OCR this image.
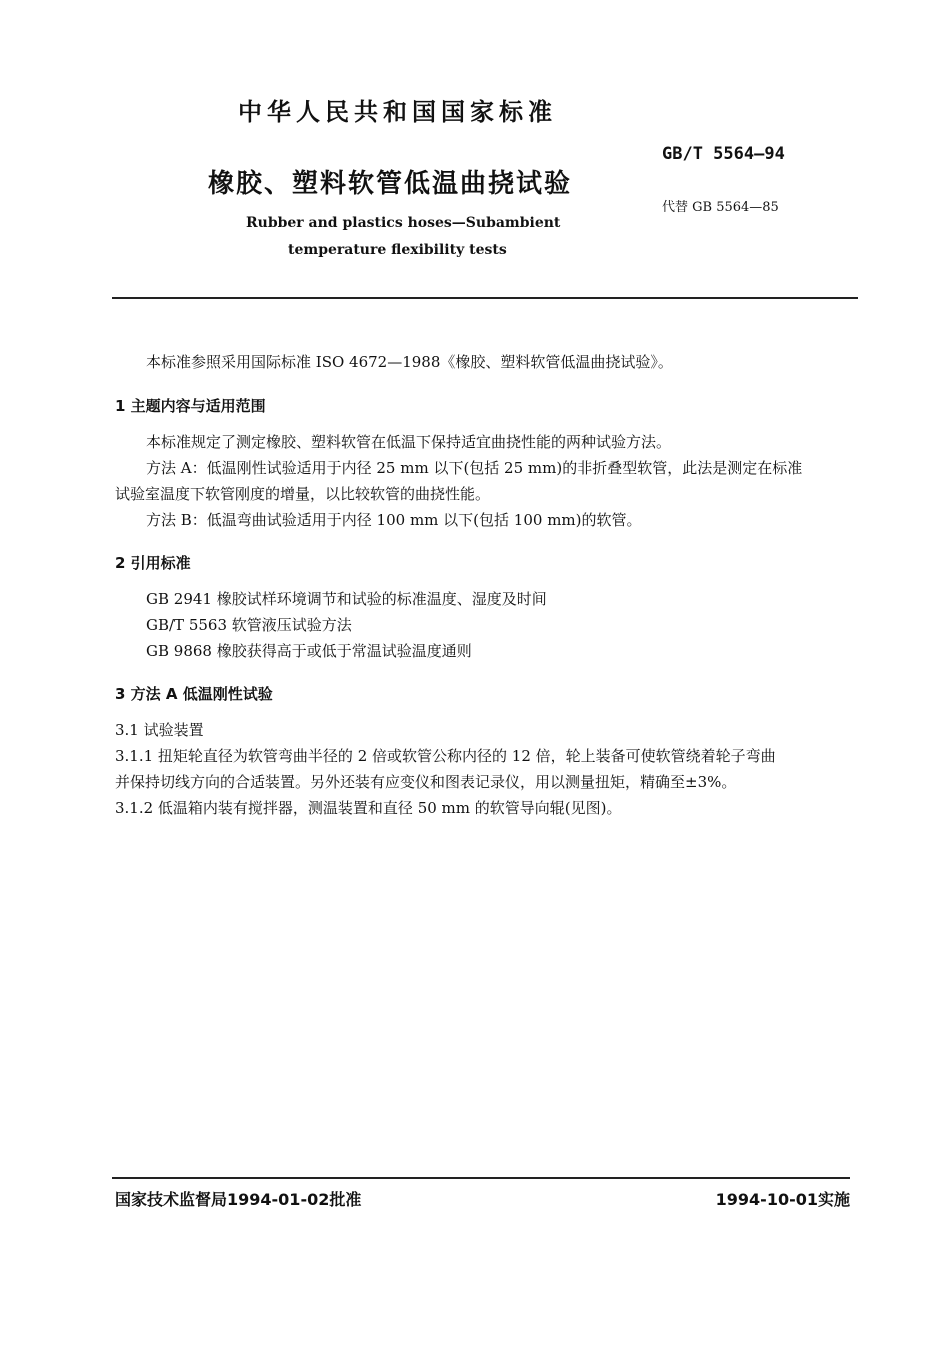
中华人民共和国国家标准
GB/T 5564—94
橡胶、塑料软管低温曲挠试验
代替 GB 5564—85
Rubber and plastics hoses—Subambient
temperature flexibility tests
本标准参照采用国际标准 ISO 4672—1988《橡胶、塑料软管低温曲挠试验》。
1 主题内容与适用范围
本标准规定了测定橡胶、塑料软管在低温下保持适宜曲挠性能的两种试验方法。
方法 A：低温刚性试验适用于内径 25 mm 以下(包括 25 mm)的非折叠型软管，此法是测定在标准
试验室温度下软管刚度的增量，以比较软管的曲挠性能。
方法 B：低温弯曲试验适用于内径 100 mm 以下(包括 100 mm)的软管。
2 引用标准
GB 2941 橡胶试样环境调节和试验的标准温度、湿度及时间
GB/T 5563 软管液压试验方法
GB 9868 橡胶获得高于或低于常温试验温度通则
3 方法 A 低温刚性试验
3.1 试验装置
3.1.1 扭矩轮直径为软管弯曲半径的 2 倍或软管公称内径的 12 倍，轮上装备可使软管绕着轮子弯曲
并保持切线方向的合适装置。另外还装有应变仪和图表记录仪，用以测量扭矩，精确至±3%。
3.1.2 低温箱内装有搅拌器，测温装置和直径 50 mm 的软管导向辊(见图)。
国家技术监督局1994-01-02批准	1994-10-01实施
